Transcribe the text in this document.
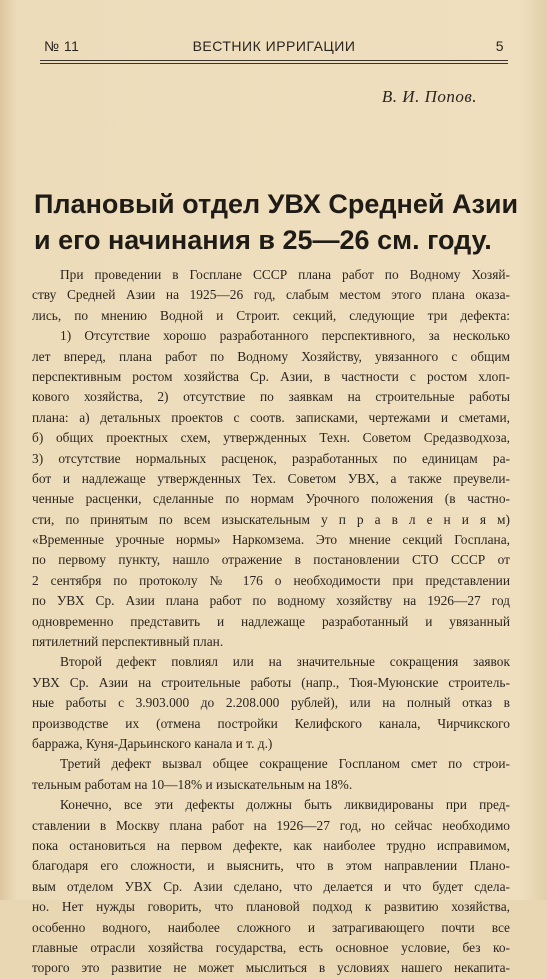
№ 11	ВЕСТНИК ИРРИГАЦИИ	5
В. И. Попов.
Плановый отдел УВХ Средней Азии
и его начинания в 25—26 см. году.
При проведении в Госплане СССР плана работ по Водному Хозяй-
ству Средней Азии на 1925—26 год, слабым местом этого плана оказа-
лись, по мнению Водной и Строит. секций, следующие три дефекта:
1) Отсутствие хорошо разработанного перспективного, за несколько
лет вперед, плана работ по Водному Хозяйству, увязанного с общим
перспективным ростом хозяйства Ср. Азии, в частности с ростом хлоп-
кового хозяйства, 2) отсутствие по заявкам на строительные работы
плана: а) детальных проектов с соотв. записками, чертежами и сметами,
б) общих проектных схем, утвержденных Техн. Советом Средазводхоза,
3) отсутствие нормальных расценок, разработанных по единицам ра-
бот и надлежаще утвержденных Тех. Советом УВХ, а также преувели-
ченные расценки, сделанные по нормам Урочного положения (в частно-
сти, по принятым по всем изыскательным у п р а в л е н и я м)
«Временные урочные нормы» Наркомзема. Это мнение секций Госплана,
по первому пункту, нашло отражение в постановлении СТО СССР от
2 сентября по протоколу № 176 о необходимости при представлении
по УВХ Ср. Азии плана работ по водному хозяйству на 1926—27 год
одновременно представить и надлежаще разработанный и увязанный
пятилетний перспективный план.
Второй дефект повлиял или на значительные сокращения заявок
УВХ Ср. Азии на строительные работы (напр., Тюя-Муюнские строитель-
ные работы с 3.903.000 до 2.208.000 рублей), или на полный отказ в
производстве их (отмена постройки Келифского канала, Чирчикского
барража, Куня-Дарьинского канала и т. д.)
Третий дефект вызвал общее сокращение Госпланом смет по строи-
тельным работам на 10—18% и изыскательным на 18%.
Конечно, все эти дефекты должны быть ликвидированы при пред-
ставлении в Москву плана работ на 1926—27 год, но сейчас необходимо
пока остановиться на первом дефекте, как наиболее трудно исправимом,
благодаря его сложности, и выяснить, что в этом направлении Плано-
вым отделом УВХ Ср. Азии сделано, что делается и что будет сдела-
но. Нет нужды говорить, что плановой подход к развитию хозяйства,
особенно водного, наиболее сложного и затрагивающего почти все
главные отрасли хозяйства государства, есть основное условие, без ко-
торого это развитие не может мыслиться в условиях нашего некапита-
